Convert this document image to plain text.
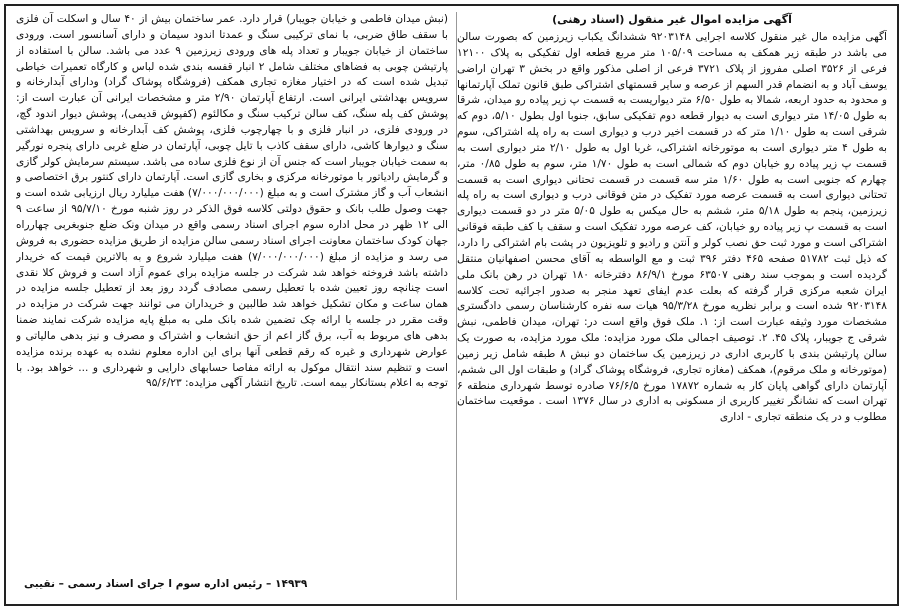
آگهی مزایده اموال غیر منقول (اسناد رهنی)
آگهی مزایده مال غیر منقول کلاسه اجرایی ۹۲۰۳۱۴۸ ششدانگ یکباب زیرزمین که بصورت سالن می باشد در طبقه زیر همکف به مساحت ۱۰۵/۰۹ متر مربع قطعه اول تفکیکی به پلاک ۱۲۱۰۰ فرعی از ۳۵۲۶ اصلی مفروز از پلاک ۳۷۲۱ فرعی از اصلی مذکور واقع در بخش ۳ تهران اراضی یوسف آباد و به انضمام قدر السهم از عرصه و سایر قسمتهای اشتراکی طبق قانون تملک آپارتمانها و محدود به حدود اربعه، شمالا به طول ۶/۵۰ متر دیواریست به قسمت پ زیر پیاده رو میدان، شرقا به طول ۱۴/۰۵ متر دیواری است به دیوار قطعه دوم تفکیکی سابق، جنوبا اول بطول ۵/۱۰، دوم که شرقی است به طول ۱/۱۰ متر که در قسمت اخیر درب و دیواری است به راه پله اشتراکی، سوم به طول ۴ متر دیواری است به موتورخانه اشتراکی، غربا اول به طول ۲/۱۰ متر دیواری است به قسمت پ زیر پیاده رو خیابان دوم که شمالی است به طول ۱/۷۰ متر، سوم به طول ۰/۸۵ متر، چهارم که جنوبی است به طول ۱/۶۰ متر سه قسمت در قسمت تحتانی دیواری است به قسمت تحتانی دیواری است به قسمت عرصه مورد تفکیک در متن فوقانی درب و دیواری است به راه پله زیرزمین، پنجم به طول ۵/۱۸ متر، ششم به حال میکس به طول ۵/۰۵ متر در دو قسمت دیواری است به قسمت پ زیر پیاده رو خیابان، کف عرصه مورد تفکیک است و سقف با کف طبقه فوقانی اشتراکی است و مورد ثبت حق نصب کولر و آنتن و رادیو و تلویزیون در پشت بام اشتراکی را دارد، که ذیل ثبت ۵۱۷۸۲ صفحه ۴۶۵ دفتر ۳۹۶ ثبت و مع الواسطه به آقای محسن اصفهانیان منتقل گردیده است و بموجب سند رهنی ۶۳۵۰۷ مورخ ۸۶/۹/۱ دفترخانه ۱۸۰ تهران در رهن بانک ملی ایران شعبه مرکزی قرار گرفته که بعلت عدم ایفای تعهد منجر به صدور اجرائیه تحت کلاسه ۹۲۰۳۱۴۸ شده است و برابر نظریه مورخ ۹۵/۳/۲۸ هیات سه نفره کارشناسان رسمی دادگستری مشخصات مورد وثیقه عبارت است از: ۱. ملک فوق واقع است در: تهران، میدان فاطمی، نبش شرقی ج جویبار، پلاک ۴۵. ۲. توصیف اجمالی ملک مورد مزایده: ملک مورد مزایده، به صورت یک سالن پارتیشن بندی با کاربری اداری در زیرزمین یک ساختمان دو نبش ۸ طبقه شامل زیر زمین (موتورخانه و ملک مرقوم)، همکف (مغازه تجاری، فروشگاه پوشاک گراد) و طبقات اول الی ششم، آپارتمان دارای گواهی پایان کار به شماره ۱۷۸۷۲ مورخ ۷۶/۶/۵ صادره توسط شهرداری منطقه ۶ تهران است که نشانگر تغییر کاربری از مسکونی به اداری در سال ۱۳۷۶ است . موقعیت ساختمان مطلوب و در یک منطقه تجاری - اداری
(نبش میدان فاطمی و خیابان جویبار) قرار دارد. عمر ساختمان بیش از ۴۰ سال و اسکلت آن فلزی با سقف طاق ضربی، با نمای ترکیبی سنگ و عمدتا اندود سیمان و دارای آسانسور است. ورودی ساختمان از خیابان جویبار و تعداد پله های ورودی زیرزمین ۹ عدد می باشد. سالن با استفاده از پارتیشن چوبی به فضاهای مختلف شامل ۲ انبار قفسه بندی شده لباس و کارگاه تعمیرات خیاطی تبدیل شده است که در اختیار مغازه تجاری همکف (فروشگاه پوشاک گراد) ودارای آبدارخانه و سرویس بهداشتی ایرانی است. ارتفاع آپارتمان ۲/۹۰ متر و مشخصات ایرانی آن عبارت است از: پوشش کف پله سنگ، کف سالن ترکیب سنگ و مکالئوم (کفپوش قدیمی)، پوشش دیوار اندود گچ، در ورودی فلزی، در انبار فلزی و با چهارچوب فلزی، پوشش کف آبدارخانه و سرویس بهداشتی سنگ و دیوارها کاشی، دارای سقف کاذب با تایل چوبی، آپارتمان در ضلع غربی دارای پنجره نورگیر به سمت خیابان جویبار است که جنس آن از نوع فلزی ساده می باشد. سیستم سرمایش کولر گازی و گرمایش رادیاتور با موتورخانه مرکزی و بخاری گازی است. آپارتمان دارای کنتور برق اختصاصی و انشعاب آب و گاز مشترک است و به مبلغ (۷/۰۰۰/۰۰۰/۰۰۰) هفت میلیارد ریال ارزیابی شده است و جهت وصول طلب بانک و حقوق دولتی کلاسه فوق الذکر در روز شنبه مورخ ۹۵/۷/۱۰ از ساعت ۹ الی ۱۲ ظهر در محل اداره سوم اجرای اسناد رسمی واقع در میدان ونک ضلع جنوبغربی چهارراه جهان کودک ساختمان معاونت اجرای اسناد رسمی سالن مزایده از طریق مزایده حضوری به فروش می رسد و مزایده از مبلغ (۷/۰۰۰/۰۰۰/۰۰۰) هفت میلیارد شروع و به بالاترین قیمت که خریدار داشته باشد فروخته خواهد شد شرکت در جلسه مزایده برای عموم آزاد است و فروش کلا نقدی است چنانچه روز تعیین شده با تعطیل رسمی مصادف گردد روز بعد از تعطیل جلسه مزایده در همان ساعت و مکان تشکیل خواهد شد طالبین و خریداران می توانند جهت شرکت در مزایده در وقت مقرر در جلسه با ارائه چک تضمین شده بانک ملی به مبلغ پایه مزایده شرکت نمایند ضمنا بدهی های مربوط به آب، برق گاز اعم از حق انشعاب و اشتراک و مصرف و نیز بدهی مالیاتی و عوارض شهرداری و غیره که رقم قطعی آنها برای این اداره معلوم نشده به عهده برنده مزایده است و تنظیم سند انتقال موکول به ارائه مفاصا حسابهای دارایی و شهرداری و ... خواهد بود. با توجه به اعلام بستانکار بیمه است. تاریخ انتشار آگهی مزایده: ۹۵/۶/۲۳
۱۴۹۳۹ – رئیس اداره سوم ا جرای اسناد رسمی – نقیبی
